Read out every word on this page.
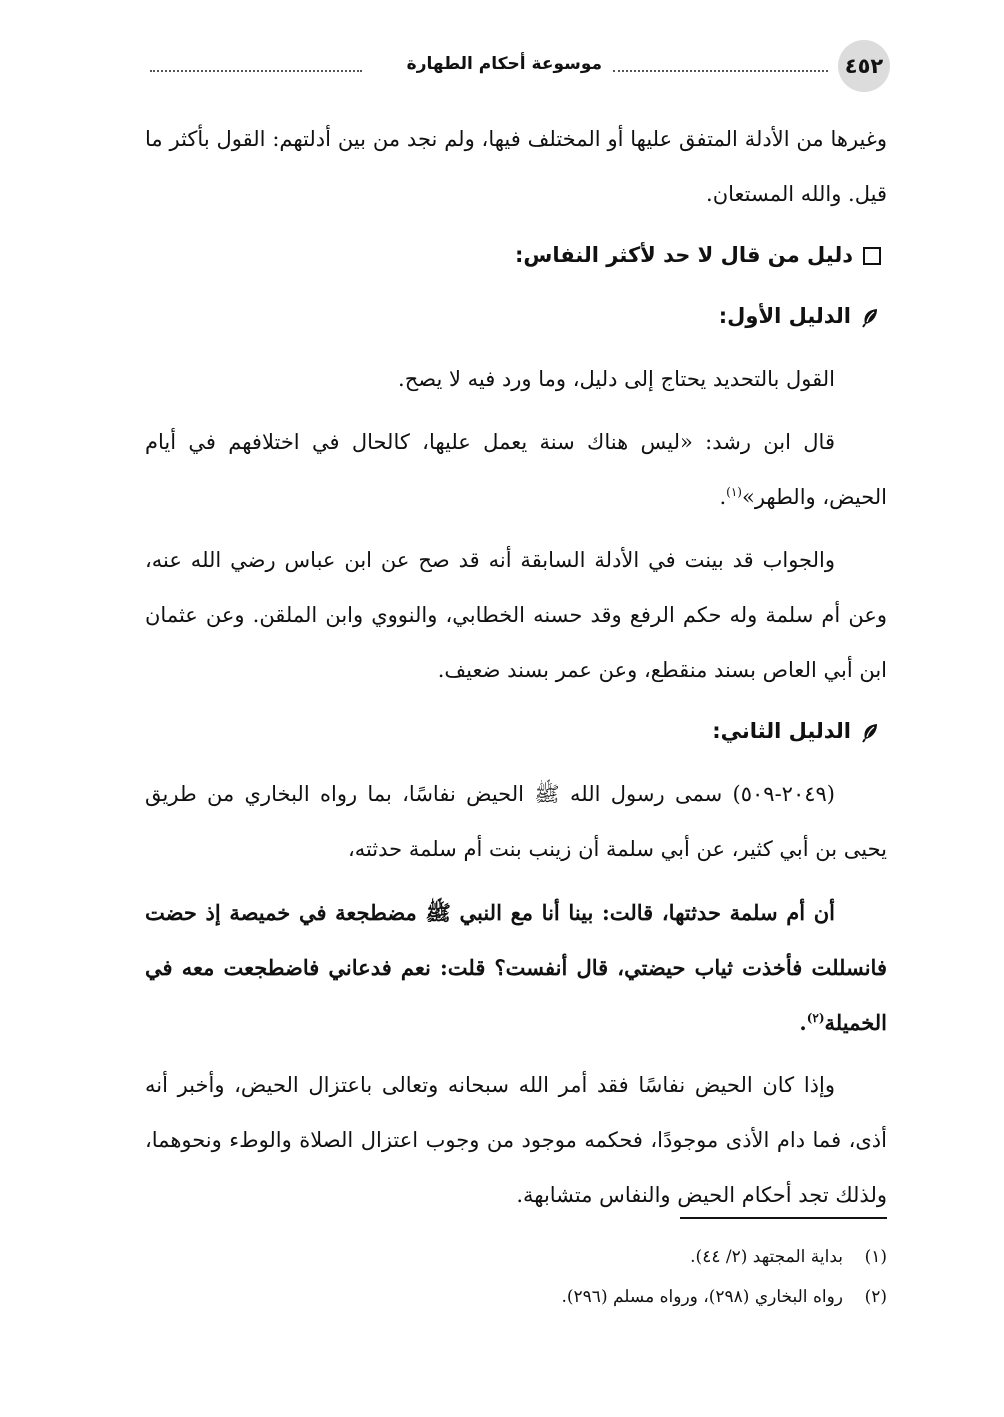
٤٥٢
موسوعة أحكام الطهارة

وغيرها من الأدلة المتفق عليها أو المختلف فيها، ولم نجد من بين أدلتهم: القول بأكثر ما قيل. والله المستعان.

دليل من قال لا حد لأكثر النفاس:
الدليل الأول:

القول بالتحديد يحتاج إلى دليل، وما ورد فيه لا يصح.

قال ابن رشد: «ليس هناك سنة يعمل عليها، كالحال في اختلافهم في أيام الحيض، والطهر»$^{(١)}$.

والجواب قد بينت في الأدلة السابقة أنه قد صح عن ابن عباس رضي الله عنه، وعن أم سلمة وله حكم الرفع وقد حسنه الخطابي، والنووي وابن الملقن. وعن عثمان ابن أبي العاص بسند منقطع، وعن عمر بسند ضعيف.

الدليل الثاني:

(٢٠٤٩-٥٠٩) سمى رسول الله ﷺ الحيض نفاسًا، بما رواه البخاري من طريق يحيى بن أبي كثير، عن أبي سلمة أن زينب بنت أم سلمة حدثته،

أن أم سلمة حدثتها، قالت: بينا أنا مع النبي ﷺ مضطجعة في خميصة إذ حضت فانسللت فأخذت ثياب حيضتي، قال أنفست؟ قلت: نعم فدعاني فاضطجعت معه في الخميلة$^{(٢)}$.

وإذا كان الحيض نفاسًا فقد أمر الله سبحانه وتعالى باعتزال الحيض، وأخبر أنه أذى، فما دام الأذى موجودًا، فحكمه موجود من وجوب اعتزال الصلاة والوطء ونحوهما، ولذلك تجد أحكام الحيض والنفاس متشابهة.

(١)بداية المجتهد (٢/ ٤٤).

(٢)رواه البخاري (٢٩٨)، ورواه مسلم (٢٩٦).
